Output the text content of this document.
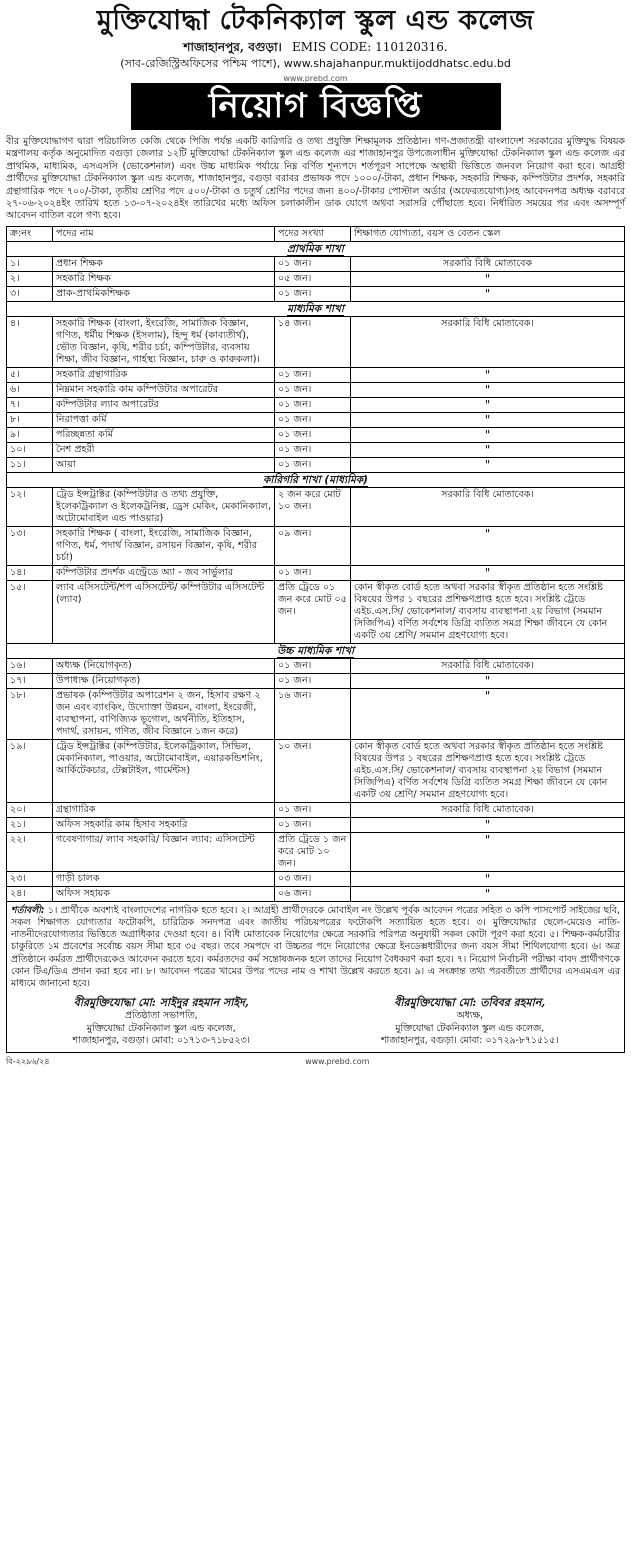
মুক্তিযোদ্ধা টেকনিক্যাল স্কুল এন্ড কলেজ
শাজাহানপুর, বগুড়া। EMIS CODE: 110120316.
(সাব-রেজিস্ট্রিঅফিসের পশ্চিম পাশে), www.shajahanpur.muktijoddhatsc.edu.bd
www.prebd.com
নিয়োগ বিজ্ঞপ্তি

বীর মুক্তিযোদ্ধাগণ দ্বারা পরিচালিত কেজি থেকে পিজি পর্যন্ত একটি কারিগরি ও তথ্য প্রযুক্তি শিক্ষামূলক প্রতিষ্ঠান। গণ-প্রজাতন্ত্রী বাংলাদেশ সরকারের মুক্তিযুদ্ধ বিষয়ক মন্ত্রণালয় কর্তৃক অনুমোদিত বগুড়া জেলার ১২টি মুক্তিযোদ্ধা টেকনিক্যাল স্কুল এন্ড কলেজ এর শাজাহানপুর উপজেলাধীন মুক্তিযোদ্ধা টেকনিক্যাল স্কুল এন্ড কলেজ এর প্রাথমিক, মাধ্যমিক, এসএসসি (ভোকেশনাল) এবং উচ্চ মাধ্যমিক পর্যায়ে নিম্ন বর্ণিত শূন্যপদে শর্তপূরণ সাপেক্ষে অস্থায়ী ভিত্তিতে জনবল নিয়োগ করা হবে। আগ্রহী প্রার্থীদের মুক্তিযোদ্ধা টেকনিক্যাল স্কুল এন্ড কলেজ, শাজাহানপুর, বগুড়া বরাবর প্রভাষক পদে ১০০০/-টাকা, প্রধান শিক্ষক, সহকারি শিক্ষক, কম্পিউটার প্রদর্শক, সহকারি গ্রন্থাগারিক পদে ৭০০/-টাকা, তৃতীয় শ্রেণির পদে ৫০০/-টাকা ও চতুর্থ শ্রেণির পদের জন্য ৪০০/-টাকার পোস্টাল অর্ডার (অফেরতযোগ্য)সহ আবেদনপত্র অধ্যক্ষ বরাবরে ২৭-০৬-২০২৪ইং তারিখ হতে ১৩-০৭-২০২৪ইং তারিখের মধ্যে অফিস চলাকালীন ডাক যোগে অথবা সরাসরি পৌঁছাতে হবে। নির্ধারিত সময়ের পর এবং অসম্পূর্ণ আবেদন বাতিল বলে গণ্য হবে।

ক্র:নং	পদের নাম	পদের সংখ্যা	শিক্ষাগত যোগ্যতা, বয়স ও বেতন স্কেল
প্রাথমিক শাখা			
১।	প্রধান শিক্ষক	০১ জন।	সরকারি বিধি মোতাবেক
২।	সহকারি শিক্ষক	০৫ জন।	"
৩।	প্রাক-প্রাথমিকশিক্ষক	০১ জন।	"
মাধ্যমিক শাখা			
৪।	সহকারি শিক্ষক (বাংলা, ইংরেজি, সামাজিক বিজ্ঞান, গণিত, ধর্মীয় শিক্ষক (ইসলাম), হিন্দু ধর্ম (কাব্যতীর্থ), ভৌত বিজ্ঞান, কৃষি, শরীর চর্চা, কম্পিউটার, ব্যবসায় শিক্ষা, জীব বিজ্ঞান, গার্হস্থ্য বিজ্ঞান, চারু ও কারুকলা)।	১৪ জন।	সরকারি বিধি মোতাবেক।
৫।	সহকারি গ্রন্থাগারিক	০১ জন।	"
৬।	নিম্নমান সহকারি কাম কম্পিউটার অপারেটর	০১ জন।	"
৭।	কম্পিউটার ল্যাব অপারেটর	০১ জন।	"
৮।	নিরাপত্তা কর্মি	০১ জন।	"
৯।	পরিচ্ছন্নতা কর্মি	০১ জন।	"
১০।	নৈশ প্রহরী	০১ জন।	"
১১।	আয়া	০১ জন।	"
কারিগরি শাখা (মাধ্যমিক)			
১২।	ট্রেড ইন্সট্রাক্টর (কম্পিউটার ও তথ্য প্রযুক্তি, ইলেকট্রিক্যাল ও ইলেকট্রনিক্স, ড্রেস মেকিং, মেকানিক্যাল, অটোমোবাইল এন্ড পাওয়ার)	২ জন করে মোট ১০ জন।	সরকারি বিধি মোতাবেক।
১৩।	সহকারি শিক্ষক ( বাংলা, ইংরেজি, সামাজিক বিজ্ঞান, গণিত, ধর্ম, পদার্থ বিজ্ঞান, রসায়ন বিজ্ঞান, কৃষি, শরীর চর্চা)	০৯ জন।	"
১৪।	কম্পিউটার প্রদর্শক এন্ট্রেডে অ্যা - জব সার্ভুলার	০১ জন।	"
১৫।	ল্যাব এসিসটেন্ট/শপ এসিসটেন্ট/ কম্পিউটার এসিসটেন্ট (ল্যাব)	প্রতি ট্রেডে ০১ জন করে মোট ০৫ জন।	কোন স্বীকৃত বোর্ড হতে অথবা সরকার স্বীকৃত প্রতিষ্ঠান হতে সংশ্লিষ্ট বিষয়ের উপর ১ বছরের প্রশিক্ষণপ্রাপ্ত হতে হবে। সংশ্লিষ্ট ট্রেডে এইচ.এস.সি/ ভোকেশনাল/ ব্যবসায় ব্যবস্থাপনা ২য় বিভাগ (সমমান সিজিপিএ) বর্ণিত সর্বশেষ ডিগ্রি ব্যতিত সমগ্র শিক্ষা জীবনে যে কোন একটি ৩য় শ্রেণি/ সমমান গ্রহণযোগ্য হবে।
উচ্চ মাধ্যমিক শাখা			
১৬।	অধ্যক্ষ (নিয়োগকৃত)	০১ জন।	সরকারি বিধি মোতাবেক।
১৭।	উপাধ্যক্ষ (নিয়োগকৃত)	০১ জন।	"
১৮।	প্রভাষক (কম্পিউটার অপারেশন ২ জন, হিসাব রক্ষণ ২ জন এবং ব্যাংকিং, উদ্যোক্তা উন্নয়ন, বাংলা, ইংরেজী, ব্যবস্থাপনা, বাণিজ্যিক ভূগোল, অর্থনীতি, ইতিহাস, পদার্থ, রসায়ন, গণিত, জীব বিজ্ঞানে ১জন করে)	১৬ জন।	"
১৯।	ট্রেড ইন্সট্রাক্টর (কম্পিউটার, ইলেকট্রিক্যাল, সিভিল, মেকানিক্যাল, পাওয়ার, অটোমোবাইল, এয়ারকন্ডিশনিং, আর্কিটেকচার, টেক্সটাইল, গার্মেন্টস)	১০ জন।	কোন স্বীকৃত বোর্ড হতে অথবা সরকার স্বীকৃত প্রতিষ্ঠান হতে সংশ্লিষ্ট বিষয়ের উপর ১ বছরের প্রশিক্ষণপ্রাপ্ত হতে হবে। সংশ্লিষ্ট ট্রেডে এইচ.এস.সি/ ভোকেশনাল/ ব্যবসায় ব্যবস্থাপনা ২য় বিভাগ (সমমান সিজিপিএ) বর্ণিত সর্বশেষ ডিগ্রি ব্যতিত সমগ্র শিক্ষা জীবনে যে কোন একটি ৩য় শ্রেণি/ সমমান গ্রহণযোগ্য হবে।
২০।	গ্রন্থাগারিক	০১ জন।	সরকারি বিধি মোতাবেক।
২১।	অফিস সহকারি কাম হিসাব সহকারি	০১ জন।	"
২২।	গবেষণাগার/ ল্যাব সহকারি/ বিজ্ঞান ল্যাব: এসিসটেন্ট	প্রতি ট্রেডে ১ জন করে মোট ১০ জন।	"
২৩।	গাড়ী চালক	০৩ জন।	"
২৪।	অফিস সহায়ক	০৬ জন।	"
শর্তাবলী: ১। প্রার্থীকে অবশ্যই বাংলাদেশের নাগরিক হতে হবে। ২। আগ্রহী প্রার্থীদেরকে মোবাইল নং উল্লেখ পূর্বক আবেদন পত্রের সহিত ৩ কপি পাসপোর্ট সাইজের ছবি, সকল শিক্ষাগত যোগ্যতার ফটোকপি, চারিত্রিক সনদপত্র এবং জাতীয় পরিচয়পত্রের ফটোকপি সত্যায়িত হতে হবে। ৩। মুক্তিযোদ্ধার ছেলে-মেয়েও নাতি-নাতনীদেরযোগ্যতার ভিত্তিতে অগ্রাধিকার দেওয়া হবে। ৪। বিধি মোতাবেক নিয়োগের ক্ষেত্রে সরকারি পরিপত্র অনুযায়ী সকল কোটা পূরণ করা হবে। ৫। শিক্ষক-কর্মচারীর চাকুরিতে ১ম প্রবেশের সর্বোচ্চ বয়স সীমা হবে ৩৫ বছর। তবে সমপদে বা উচ্চতর পদে নিয়োগের ক্ষেত্রে ইনডেক্সধারীদের জন্য বয়স সীমা শিথিলযোগ্য হবে। ৬। অত্র প্রতিষ্ঠানে কর্মরত প্রার্থীদেরকেও আবেদন করতে হবে। কর্মরতদের কর্ম সন্তোষজনক হলে তাদের নিয়োগ বৈধকরণ করা হবে। ৭। নিয়োগ নির্বাচনী পরীক্ষা বাবদ প্রার্থীগণকে কোন টিএ/ডিএ প্রদান করা হবে না। ৮। আবেদন পত্রের খামের উপর পদের নাম ও শাখা উল্লেখ করতে হবে। ৯। এ সংক্রান্ত তথ্য পরবর্তীতে প্রার্থীদের এসএমএস এর মাধ্যমে জানানো হবে।
বীরমুক্তিযোদ্ধা মো: সাইদুর রহমান সাইদ,
প্রতিষ্ঠাতা সভাপতি,
মুক্তিযোদ্ধা টেকনিক্যাল স্কুল এন্ড কলেজ,
শাজাহানপুর, বগুড়া। মোবা: ০১৭১৩-৭১৮৫২৩।
বীরমুক্তিযোদ্ধা মো: তবিবর রহমান,
অধ্যক্ষ,
মুক্তিযোদ্ধা টেকনিক্যাল স্কুল এন্ড কলেজ,
শাজাহানপুর, বগুড়া। মোবা: ০১৭২৯-৮৭১৫১৫।
বি-২২৯৬/২৪	www.prebd.com
